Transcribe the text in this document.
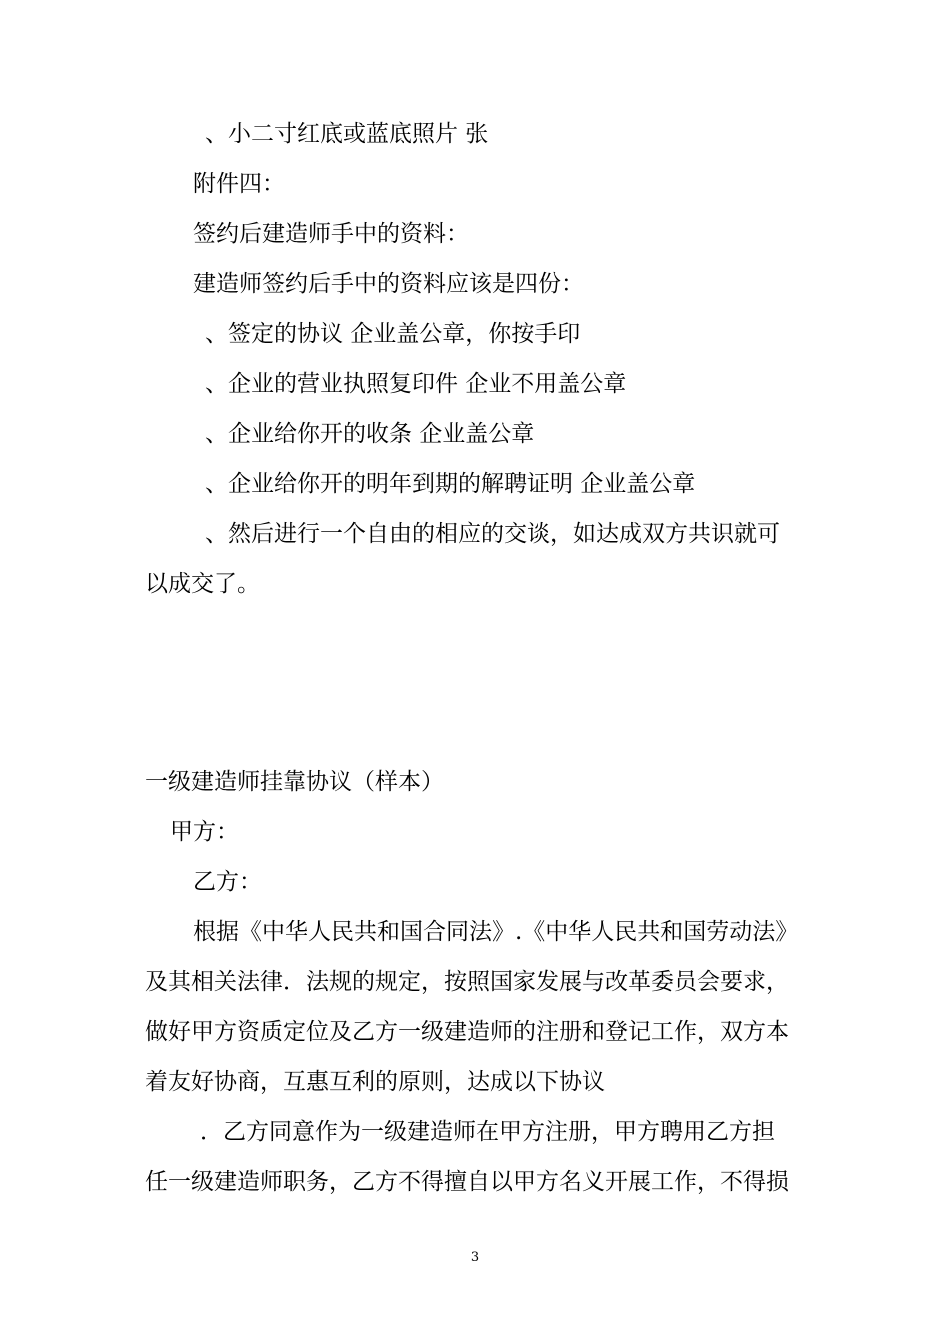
、小二寸红底或蓝底照片 张
附件四：
签约后建造师手中的资料：
建造师签约后手中的资料应该是四份：
、签定的协议 企业盖公章，你按手印
、企业的营业执照复印件 企业不用盖公章
、企业给你开的收条 企业盖公章
、企业给你开的明年到期的解聘证明 企业盖公章
、然后进行一个自由的相应的交谈，如达成双方共识就可
以成交了。
一级建造师挂靠协议（样本）
甲方：
乙方：
根据《中华人民共和国合同法》.《中华人民共和国劳动法》
及其相关法律．法规的规定，按照国家发展与改革委员会要求，
做好甲方资质定位及乙方一级建造师的注册和登记工作，双方本
着友好协商，互惠互利的原则，达成以下协议
．乙方同意作为一级建造师在甲方注册，甲方聘用乙方担
任一级建造师职务，乙方不得擅自以甲方名义开展工作，不得损
3
